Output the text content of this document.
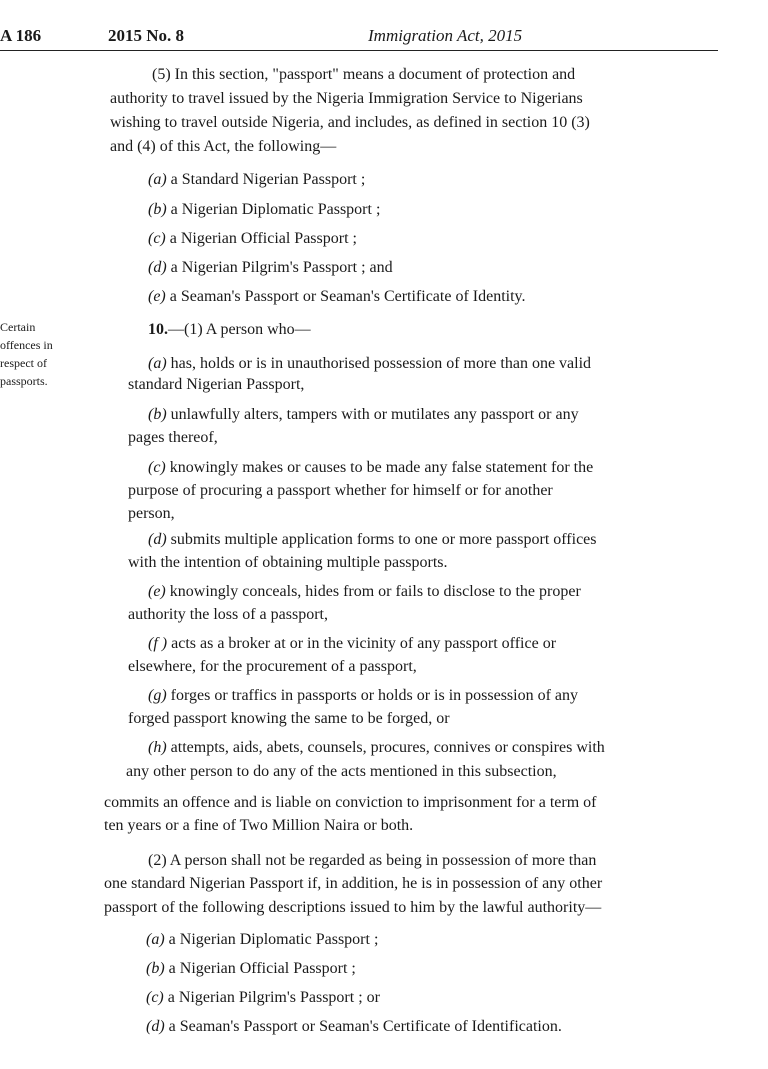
A 186	2015 No. 8	Immigration Act, 2015
Certain
offences in
respect of
passports.
(5) In this section, "passport" means a document of protection and
authority to travel issued by the Nigeria Immigration Service to Nigerians
wishing to travel outside Nigeria, and includes, as defined in section 10 (3)
and (4) of this Act, the following—
(a) a Standard Nigerian Passport ;
(b) a Nigerian Diplomatic Passport ;
(c) a Nigerian Official Passport ;
(d) a Nigerian Pilgrim's Passport ; and
(e) a Seaman's Passport or Seaman's Certificate of Identity.
10.—(1) A person who—
(a) has, holds or is in unauthorised possession of more than one valid
standard Nigerian Passport,
(b) unlawfully alters, tampers with or mutilates any passport or any
pages thereof,
(c) knowingly makes or causes to be made any false statement for the
purpose of procuring a passport whether for himself or for another
person,
(d) submits multiple application forms to one or more passport offices
with the intention of obtaining multiple passports.
(e) knowingly conceals, hides from or fails to disclose to the proper
authority the loss of a passport,
(f ) acts as a broker at or in the vicinity of any passport office or
elsewhere, for the procurement of a passport,
(g) forges or traffics in passports or holds or is in possession of any
forged passport knowing the same to be forged, or
(h) attempts, aids, abets, counsels, procures, connives or conspires with
any other person to do any of the acts mentioned in this subsection,
commits an offence and is liable on conviction to imprisonment for a term of
ten years or a fine of Two Million Naira or both.
(2) A person shall not be regarded as being in possession of more than
one standard Nigerian Passport if, in addition, he is in possession of any other
passport of the following descriptions issued to him by the lawful authority—
(a) a Nigerian Diplomatic Passport ;
(b) a Nigerian Official Passport ;
(c) a Nigerian Pilgrim's Passport ; or
(d) a Seaman's Passport or Seaman's Certificate of Identification.
